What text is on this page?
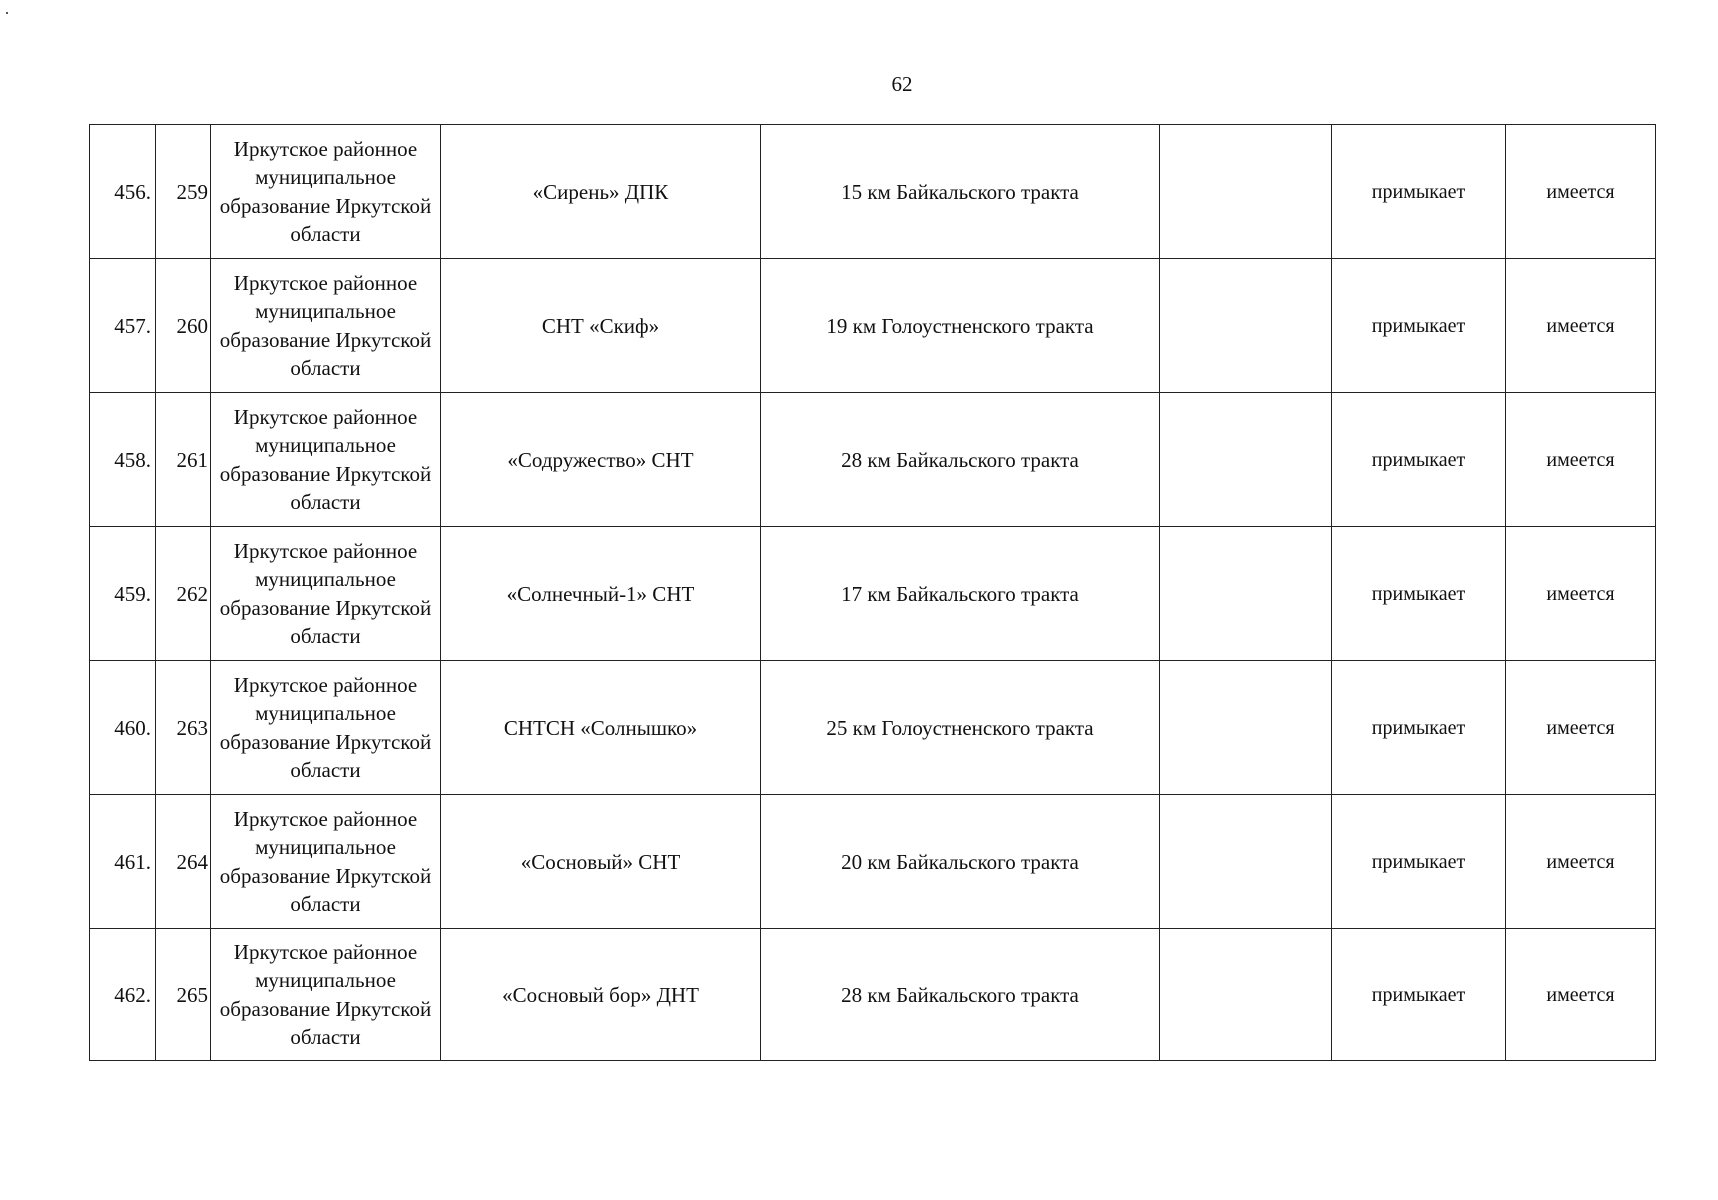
62
456.	259	Иркутское районное муниципальное образование Иркутской области	«Сирень» ДПК	15 км Байкальского тракта		примыкает	имеется
457.	260	Иркутское районное муниципальное образование Иркутской области	СНТ «Скиф»	19 км Голоустненского тракта		примыкает	имеется
458.	261	Иркутское районное муниципальное образование Иркутской области	«Содружество» СНТ	28 км Байкальского тракта		примыкает	имеется
459.	262	Иркутское районное муниципальное образование Иркутской области	«Солнечный-1» СНТ	17 км Байкальского тракта		примыкает	имеется
460.	263	Иркутское районное муниципальное образование Иркутской области	СНТСН «Солнышко»	25 км Голоустненского тракта		примыкает	имеется
461.	264	Иркутское районное муниципальное образование Иркутской области	«Сосновый» СНТ	20 км Байкальского тракта		примыкает	имеется
462.	265	Иркутское районное муниципальное образование Иркутской области	«Сосновый бор» ДНТ	28 км Байкальского тракта		примыкает	имеется
